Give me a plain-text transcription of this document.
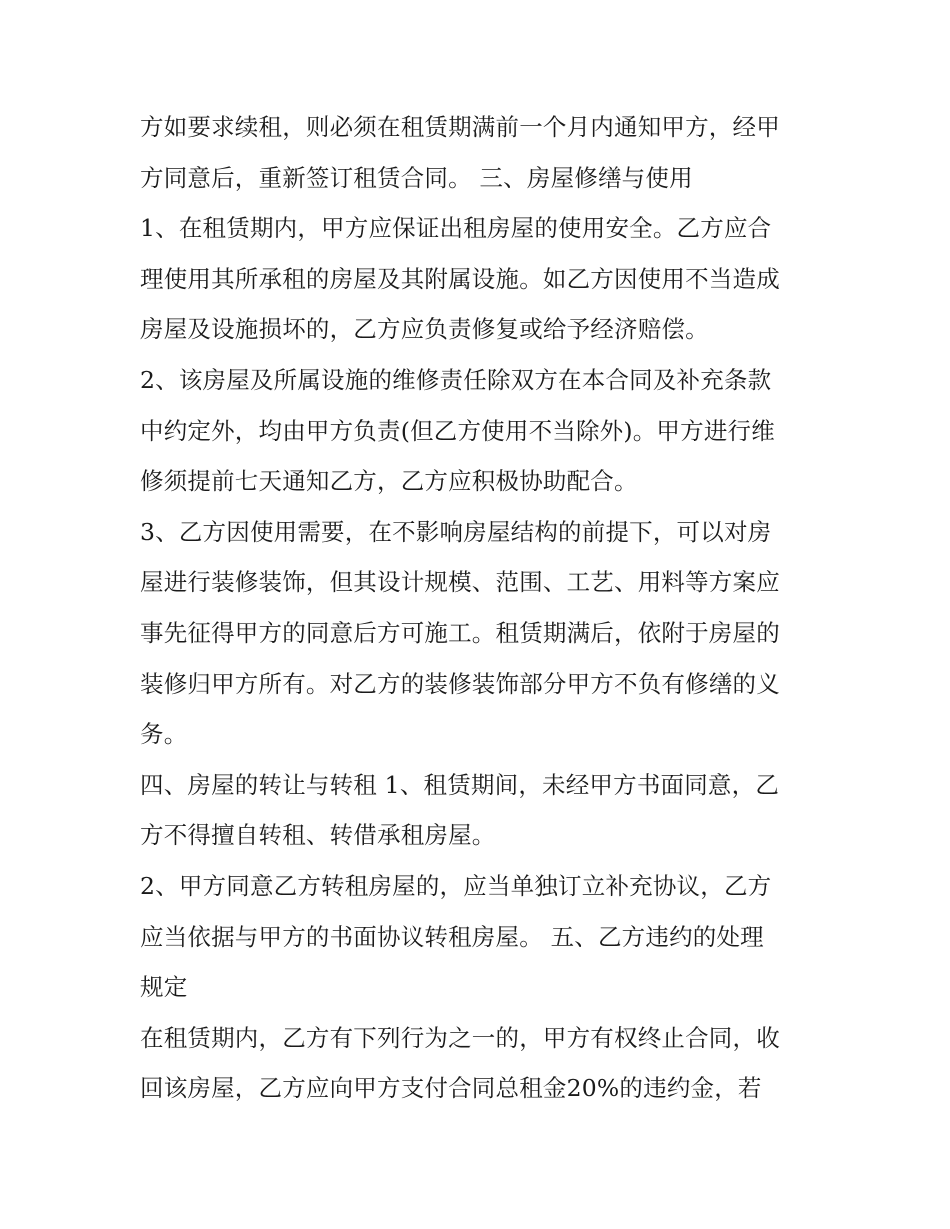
方如要求续租，则必须在租赁期满前一个月内通知甲方，经甲
方同意后，重新签订租赁合同。 三、房屋修缮与使用
1、在租赁期内，甲方应保证出租房屋的使用安全。乙方应合
理使用其所承租的房屋及其附属设施。如乙方因使用不当造成
房屋及设施损坏的，乙方应负责修复或给予经济赔偿。
2、该房屋及所属设施的维修责任除双方在本合同及补充条款
中约定外，均由甲方负责(但乙方使用不当除外)。甲方进行维
修须提前七天通知乙方，乙方应积极协助配合。
3、乙方因使用需要，在不影响房屋结构的前提下，可以对房
屋进行装修装饰，但其设计规模、范围、工艺、用料等方案应
事先征得甲方的同意后方可施工。租赁期满后，依附于房屋的
装修归甲方所有。对乙方的装修装饰部分甲方不负有修缮的义
务。
四、房屋的转让与转租 1、租赁期间，未经甲方书面同意，乙
方不得擅自转租、转借承租房屋。
2、甲方同意乙方转租房屋的，应当单独订立补充协议，乙方
应当依据与甲方的书面协议转租房屋。 五、乙方违约的处理
规定
在租赁期内，乙方有下列行为之一的，甲方有权终止合同，收
回该房屋，乙方应向甲方支付合同总租金20%的违约金，若
